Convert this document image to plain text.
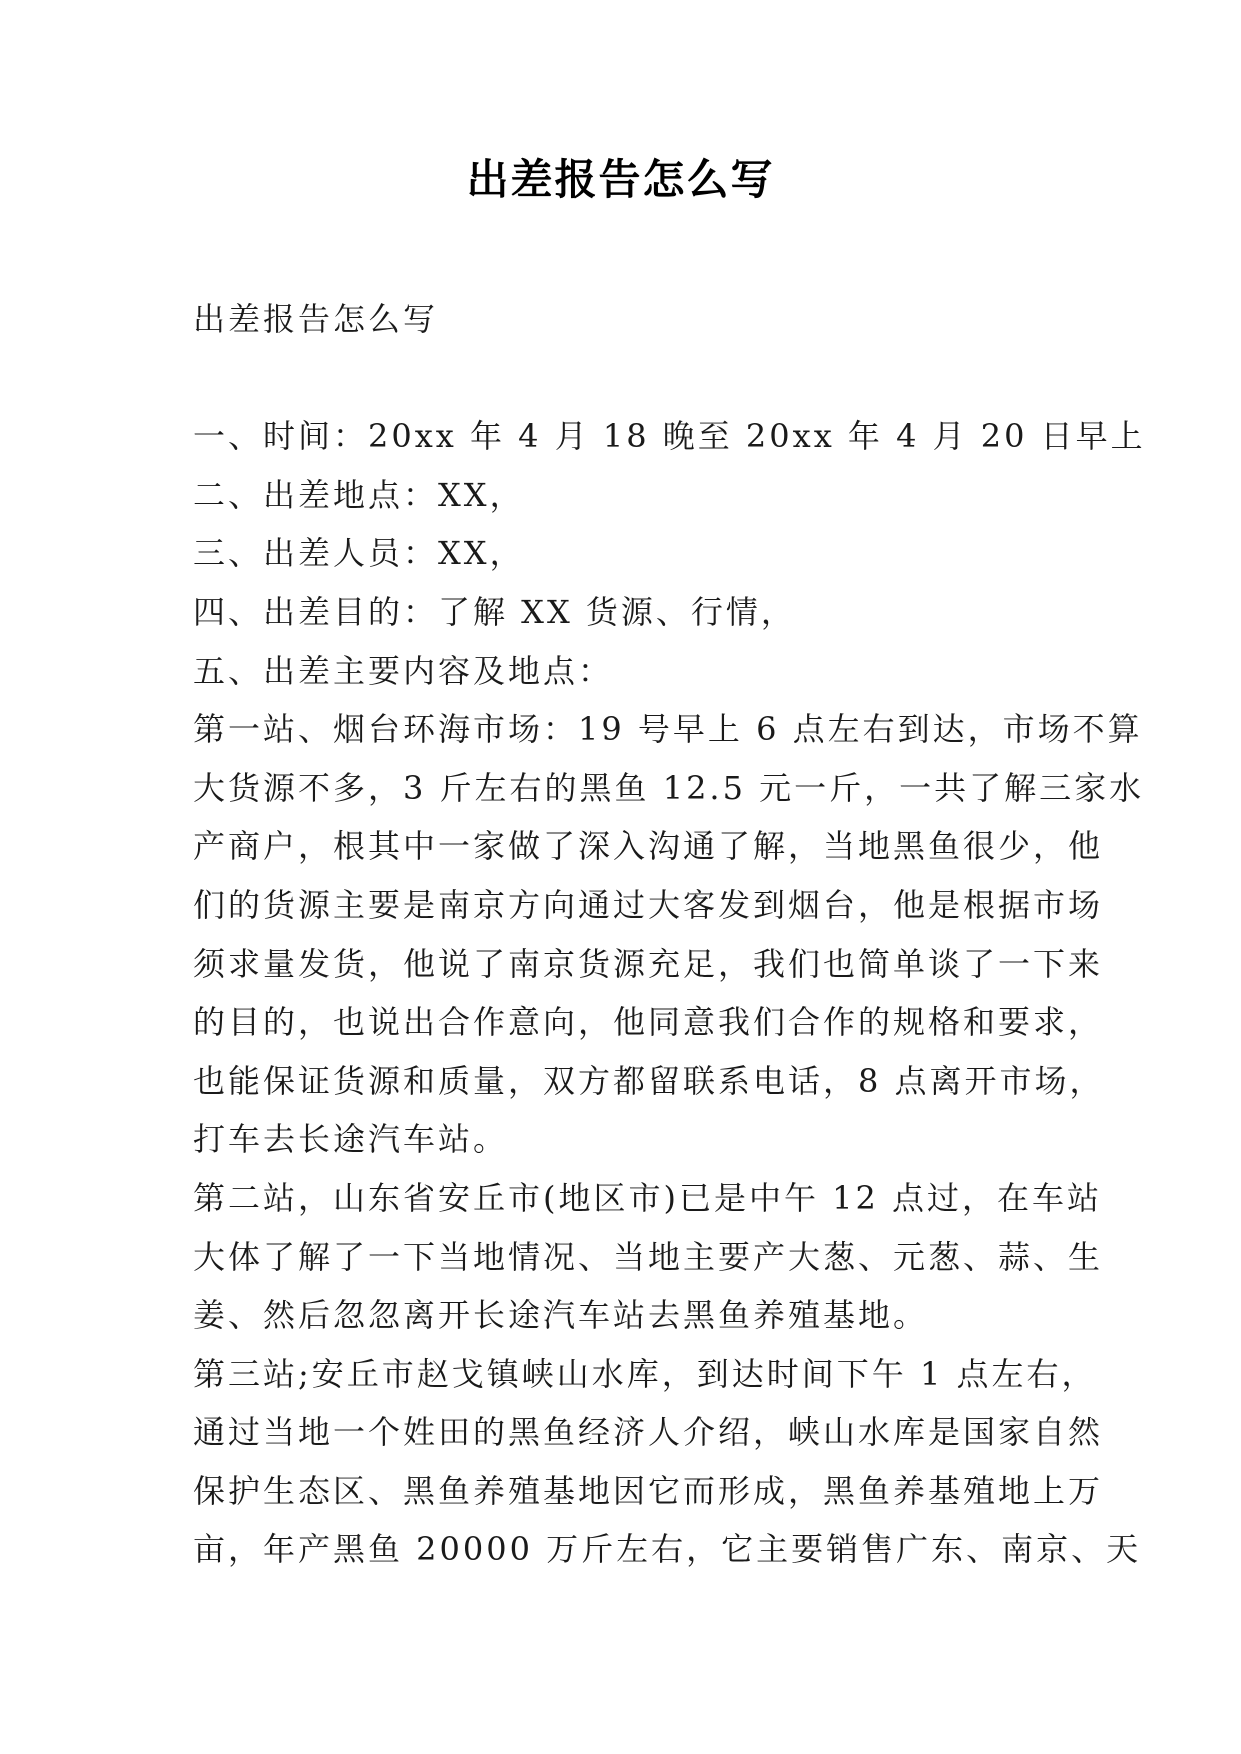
出差报告怎么写

出差报告怎么写

一、时间：20xx 年 4 月 18 晚至 20xx 年 4 月 20 日早上

二、出差地点：XX，

三、出差人员：XX，

四、出差目的：了解 XX 货源、行情，

五、出差主要内容及地点：

第一站、烟台环海市场：19 号早上 6 点左右到达，市场不算

大货源不多，3 斤左右的黑鱼 12.5 元一斤，一共了解三家水

产商户，根其中一家做了深入沟通了解，当地黑鱼很少，他

们的货源主要是南京方向通过大客发到烟台，他是根据市场

须求量发货，他说了南京货源充足，我们也简单谈了一下来

的目的，也说出合作意向，他同意我们合作的规格和要求，

也能保证货源和质量，双方都留联系电话，8 点离开市场，

打车去长途汽车站。

第二站，山东省安丘市(地区市)已是中午 12 点过，在车站

大体了解了一下当地情况、当地主要产大葱、元葱、蒜、生

姜、然后忽忽离开长途汽车站去黑鱼养殖基地。

第三站;安丘市赵戈镇峡山水库，到达时间下午 1 点左右，

通过当地一个姓田的黑鱼经济人介绍，峡山水库是国家自然

保护生态区、黑鱼养殖基地因它而形成，黑鱼养基殖地上万

亩，年产黑鱼 20000 万斤左右，它主要销售广东、南京、天
